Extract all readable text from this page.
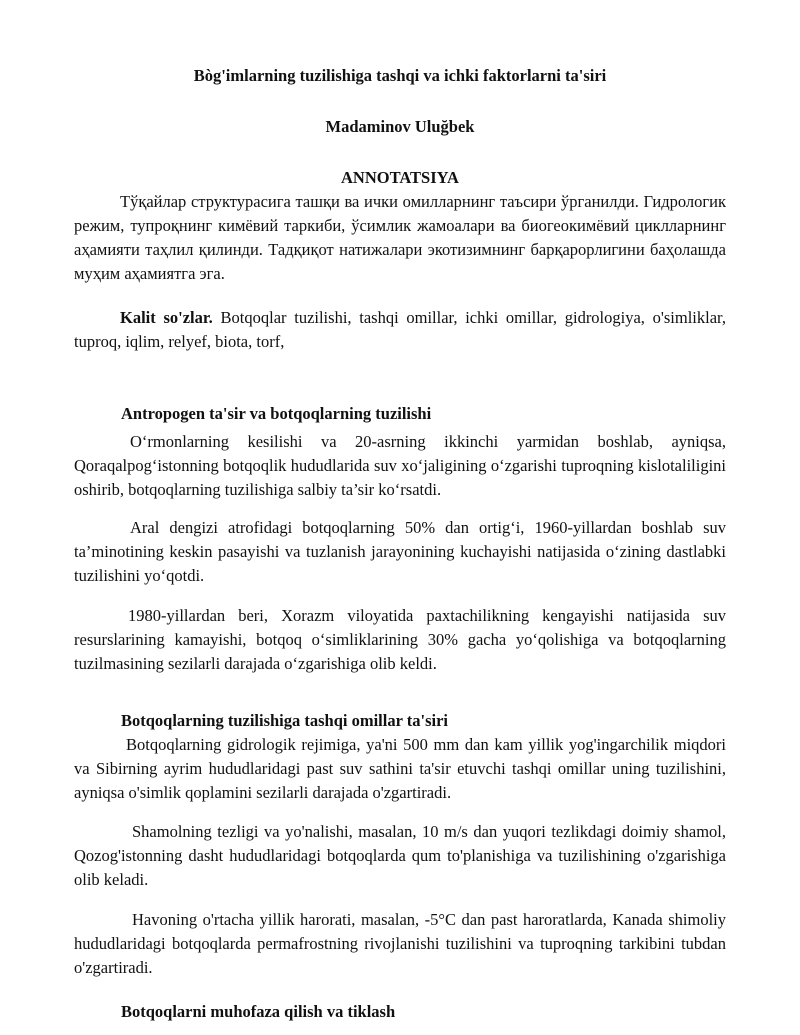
Bòg'imlarning tuzilishiga tashqi va ichki faktorlarni ta'siri
Madaminov Uluğbek
ANNOTATSIYA
Тўқайлар структурасига ташқи ва ички омилларнинг таъсири ўрганилди. Гидрологик режим, тупроқнинг кимёвий таркиби, ўсимлик жамоалари ва биогеокимёвий циклларнинг аҳамияти таҳлил қилинди. Тадқиқот натижалари экотизимнинг барқарорлигини баҳолашда муҳим аҳамиятга эга.
Kalit so'zlar. Botqoqlar tuzilishi, tashqi omillar, ichki omillar, gidrologiya, o'simliklar, tuproq, iqlim, relyef, biota, torf,
Antropogen ta'sir va botqoqlarning tuzilishi
O‘rmonlarning kesilishi va 20-asrning ikkinchi yarmidan boshlab, ayniqsa, Qoraqalpog‘istonning botqoqlik hududlarida suv xo‘jaligining o‘zgarishi tuproqning kislotaliligini oshirib, botqoqlarning tuzilishiga salbiy ta’sir ko‘rsatdi.
Aral dengizi atrofidagi botqoqlarning 50% dan ortig‘i, 1960-yillardan boshlab suv ta’minotining keskin pasayishi va tuzlanish jarayonining kuchayishi natijasida o‘zining dastlabki tuzilishini yo‘qotdi.
1980-yillardan beri, Xorazm viloyatida paxtachilikning kengayishi natijasida suv resurslarining kamayishi, botqoq o‘simliklarining 30% gacha yo‘qolishiga va botqoqlarning tuzilmasining sezilarli darajada o‘zgarishiga olib keldi.
Botqoqlarning tuzilishiga tashqi omillar ta'siri
Botqoqlarning gidrologik rejimiga, ya'ni 500 mm dan kam yillik yog'ingarchilik miqdori va Sibirning ayrim hududlaridagi past suv sathini ta'sir etuvchi tashqi omillar uning tuzilishini, ayniqsa o'simlik qoplamini sezilarli darajada o'zgartiradi.
Shamolning tezligi va yo'nalishi, masalan, 10 m/s dan yuqori tezlikdagi doimiy shamol, Qozog'istonning dasht hududlaridagi botqoqlarda qum to'planishiga va tuzilishining o'zgarishiga olib keladi.
Havoning o'rtacha yillik harorati, masalan, -5°C dan past haroratlarda, Kanada shimoliy hududlaridagi botqoqlarda permafrostning rivojlanishi tuzilishini va tuproqning tarkibini tubdan o'zgartiradi.
Botqoqlarni muhofaza qilish va tiklash
